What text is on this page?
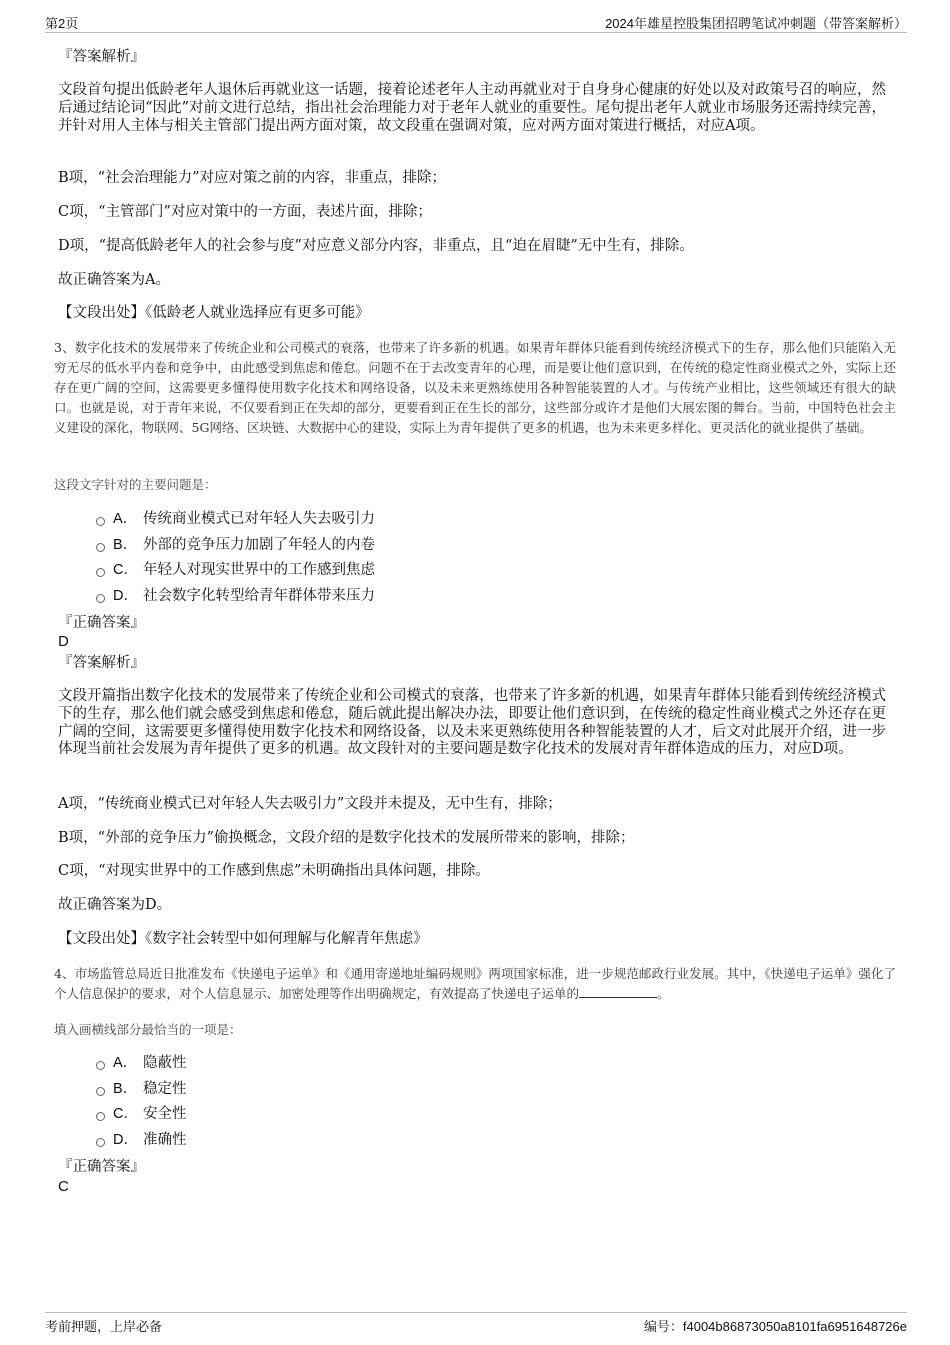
第2页	2024年雄星控股集团招聘笔试冲刺题（带答案解析）
『答案解析』
文段首句提出低龄老年人退休后再就业这一话题，接着论述老年人主动再就业对于自身身心健康的好处以及对政策号召的响应，然后通过结论词“因此”对前文进行总结，指出社会治理能力对于老年人就业的重要性。尾句提出老年人就业市场服务还需持续完善，并针对用人主体与相关主管部门提出两方面对策，故文段重在强调对策，应对两方面对策进行概括，对应A项。
B项，“社会治理能力”对应对策之前的内容，非重点，排除；
C项，“主管部门”对应对策中的一方面，表述片面，排除；
D项，“提高低龄老年人的社会参与度”对应意义部分内容，非重点，且“迫在眉睫”无中生有，排除。
故正确答案为A。
【文段出处】《低龄老人就业选择应有更多可能》
3、数字化技术的发展带来了传统企业和公司模式的衰落，也带来了许多新的机遇。如果青年群体只能看到传统经济模式下的生存，那么他们只能陷入无穷无尽的低水平内卷和竞争中，由此感受到焦虑和倦怠。问题不在于去改变青年的心理，而是要让他们意识到，在传统的稳定性商业模式之外，实际上还存在更广阔的空间，这需要更多懂得使用数字化技术和网络设备，以及未来更熟练使用各种智能装置的人才。与传统产业相比，这些领域还有很大的缺口。也就是说，对于青年来说，不仅要看到正在失却的部分，更要看到正在生长的部分，这些部分或许才是他们大展宏图的舞台。当前，中国特色社会主义建设的深化，物联网、5G网络、区块链、大数据中心的建设，实际上为青年提供了更多的机遇，也为未来更多样化、更灵活化的就业提供了基础。
这段文字针对的主要问题是：
A． 传统商业模式已对年轻人失去吸引力
B． 外部的竞争压力加剧了年轻人的内卷
C． 年轻人对现实世界中的工作感到焦虑
D． 社会数字化转型给青年群体带来压力
『正确答案』
D
『答案解析』
文段开篇指出数字化技术的发展带来了传统企业和公司模式的衰落，也带来了许多新的机遇，如果青年群体只能看到传统经济模式下的生存，那么他们就会感受到焦虑和倦怠，随后就此提出解决办法，即要让他们意识到，在传统的稳定性商业模式之外还存在更广阔的空间，这需要更多懂得使用数字化技术和网络设备，以及未来更熟练使用各种智能装置的人才，后文对此展开介绍，进一步体现当前社会发展为青年提供了更多的机遇。故文段针对的主要问题是数字化技术的发展对青年群体造成的压力，对应D项。
A项，“传统商业模式已对年轻人失去吸引力”文段并未提及，无中生有，排除；
B项，“外部的竞争压力”偷换概念，文段介绍的是数字化技术的发展所带来的影响，排除；
C项，“对现实世界中的工作感到焦虑”未明确指出具体问题，排除。
故正确答案为D。
【文段出处】《数字社会转型中如何理解与化解青年焦虑》
4、市场监管总局近日批准发布《快递电子运单》和《通用寄递地址编码规则》两项国家标准，进一步规范邮政行业发展。其中，《快递电子运单》强化了个人信息保护的要求，对个人信息显示、加密处理等作出明确规定，有效提高了快递电子运单的	。
填入画横线部分最恰当的一项是：
A． 隐蔽性
B． 稳定性
C． 安全性
D． 准确性
『正确答案』
C
考前押题，上岸必备	编号：f4004b86873050a8101fa6951648726e
